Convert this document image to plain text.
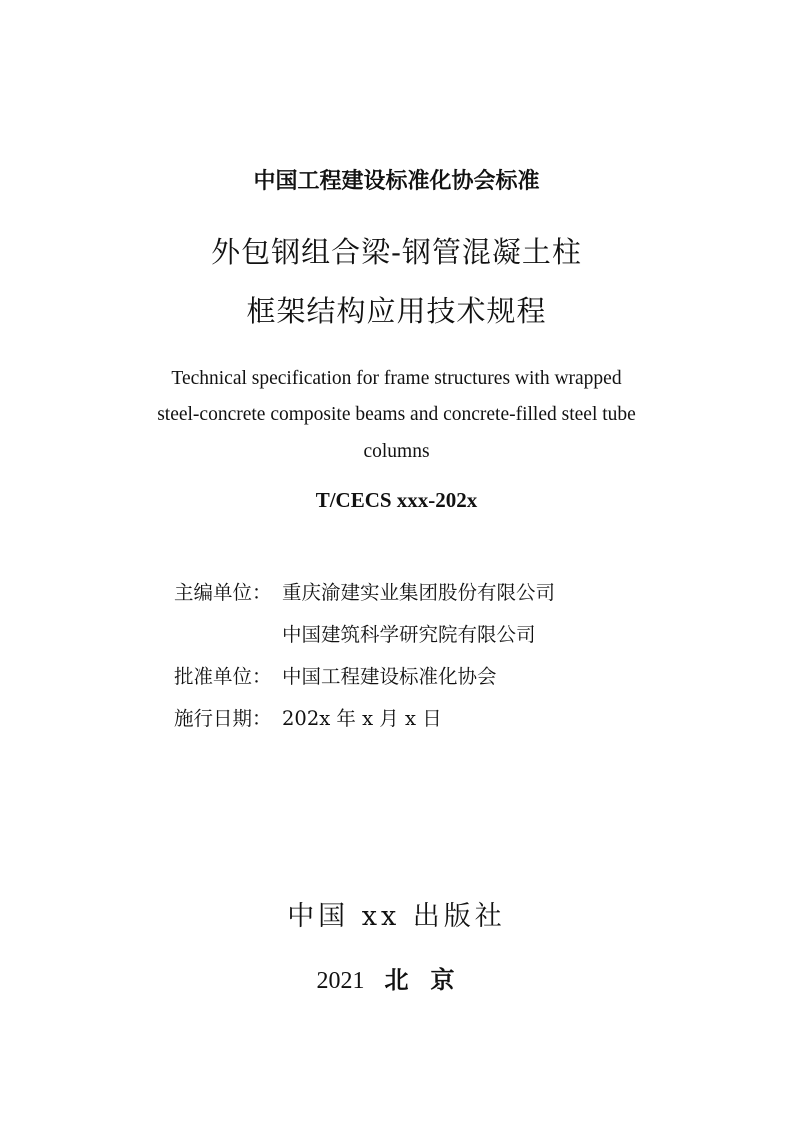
中国工程建设标准化协会标准
外包钢组合梁-钢管混凝土柱
框架结构应用技术规程
Technical specification for frame structures with wrapped
steel-concrete composite beams and concrete-filled steel tube
columns
T/CECS xxx-202x
主编单位： 重庆渝建实业集团股份有限公司
中国建筑科学研究院有限公司
批准单位： 中国工程建设标准化协会
施行日期： 202x 年 x 月 x 日
中国 xx 出版社
2021 北京
